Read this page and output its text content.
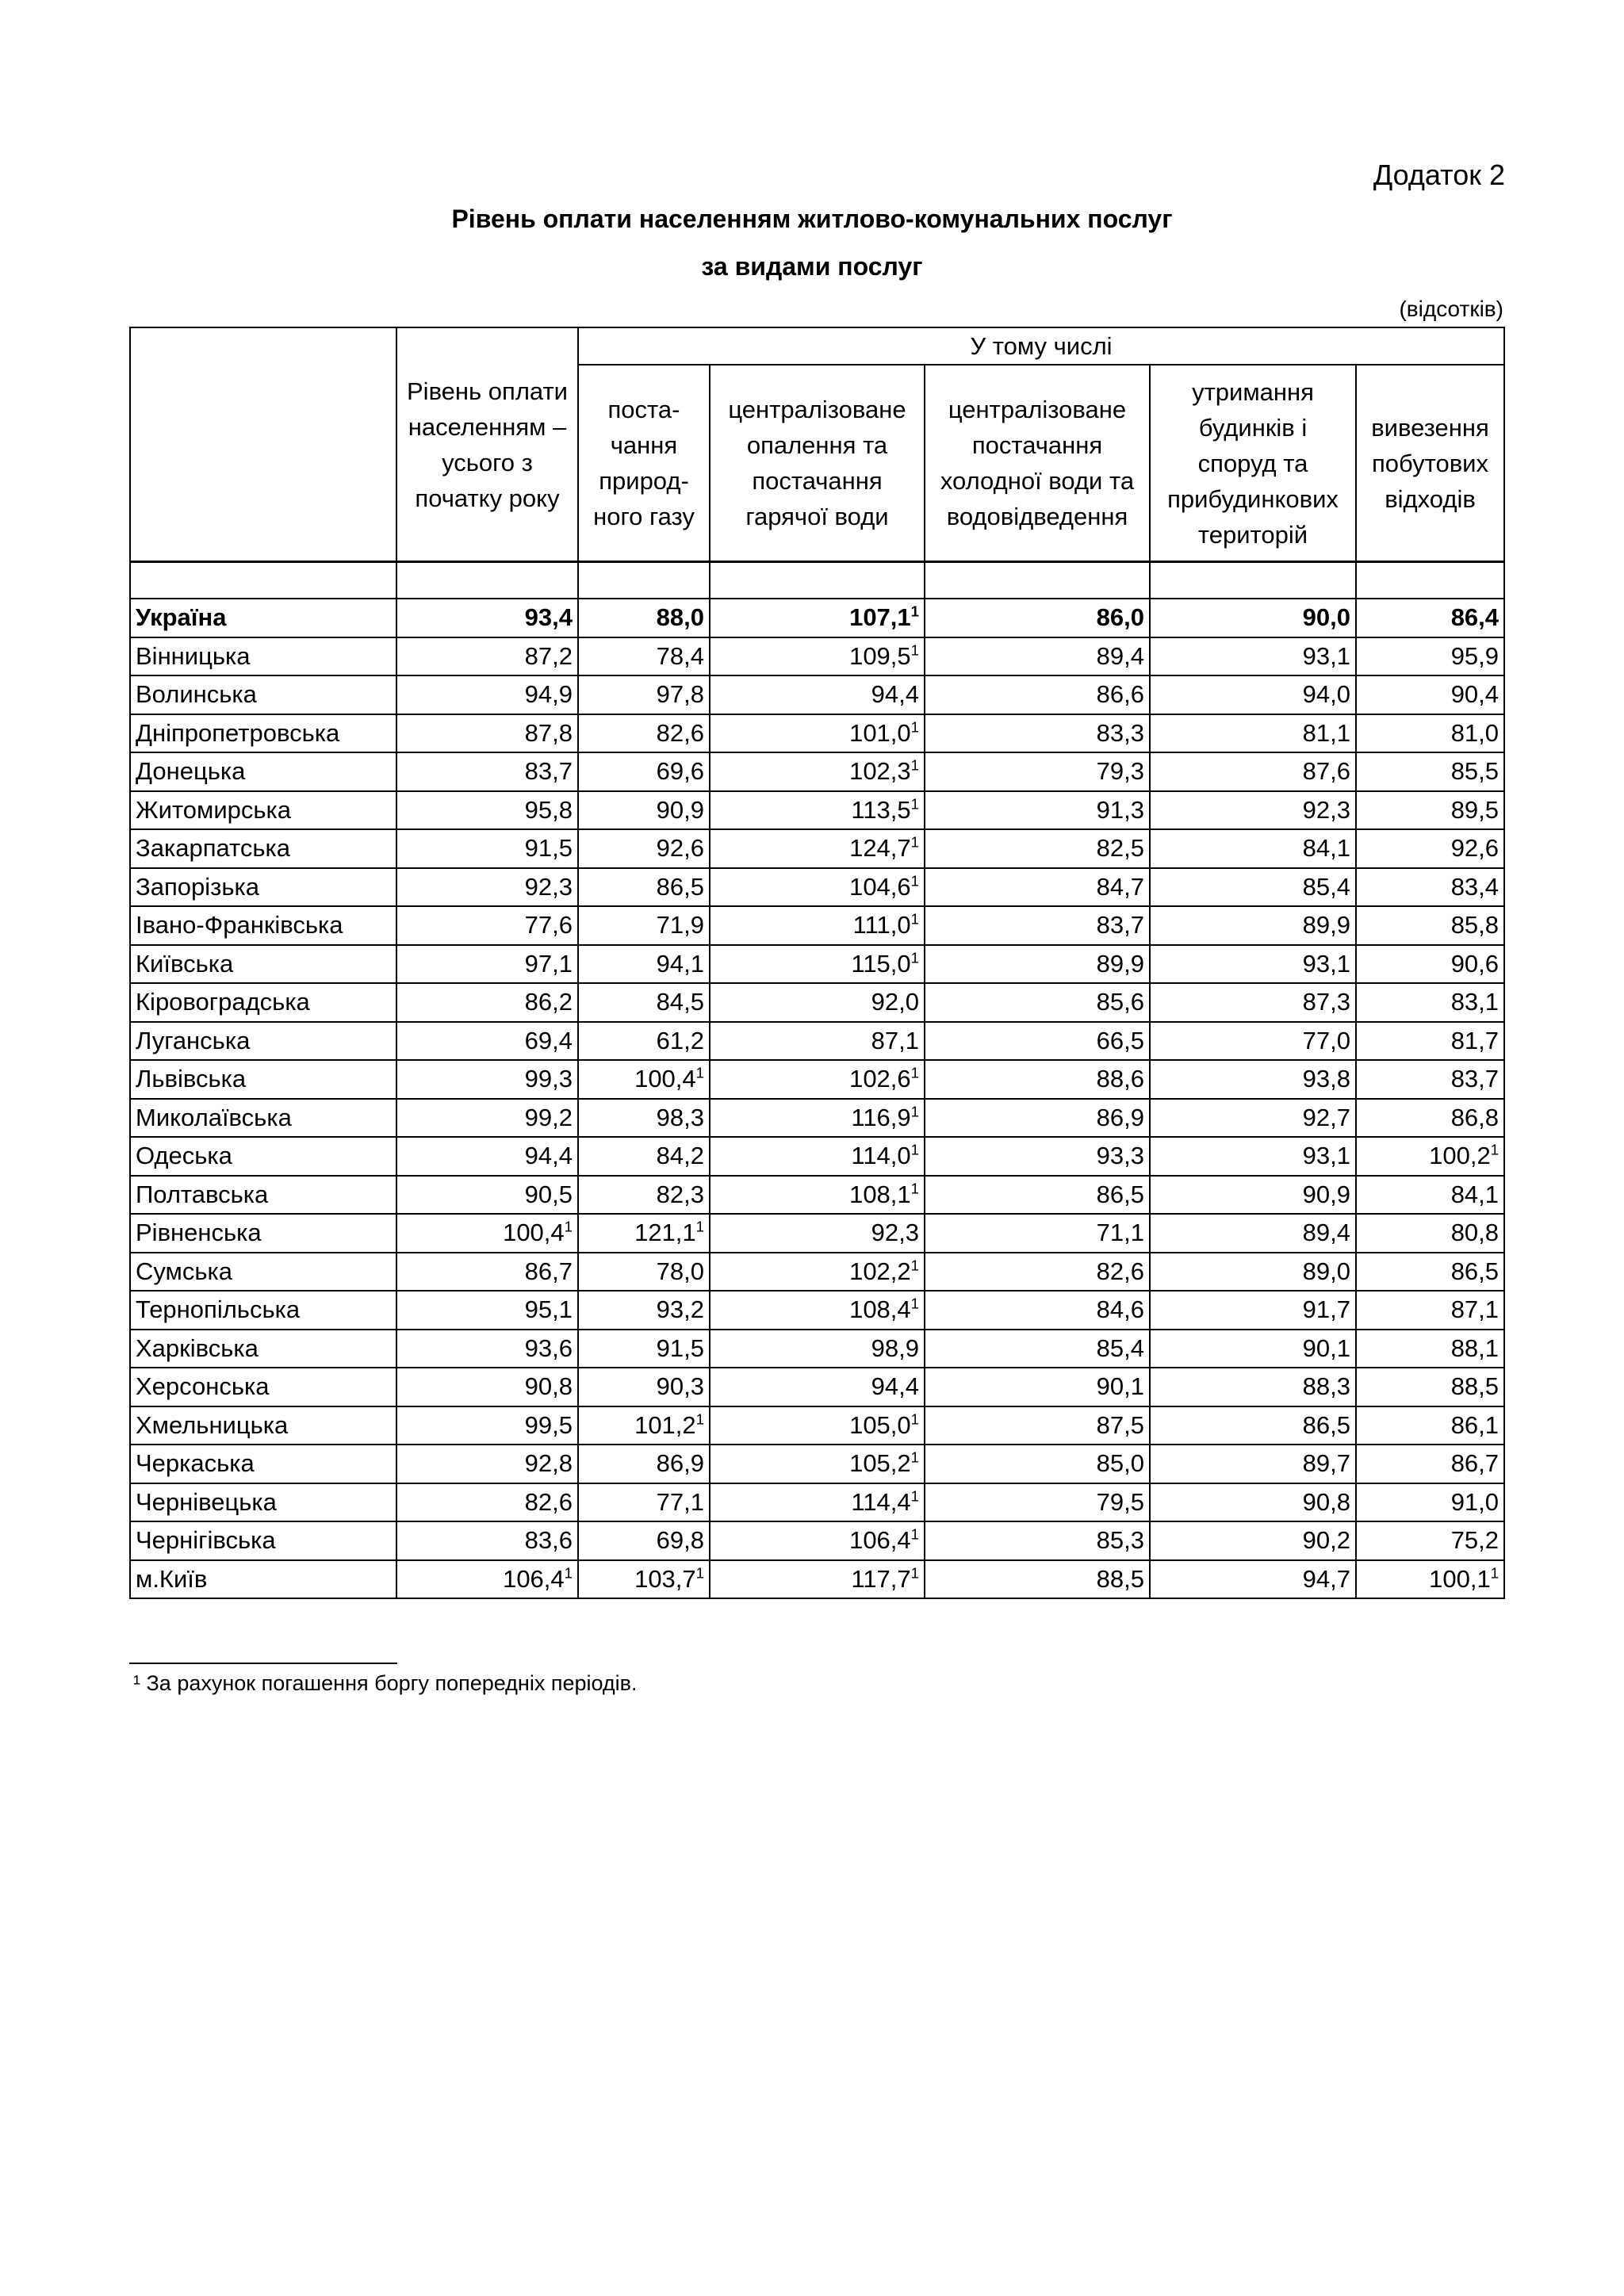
Додаток 2
Рівень оплати населенням житлово-комунальних послуг
за видами послуг
(відсотків)
	Рівень оплати населенням – усього з початку року	У тому числі				
		поста-чання природ-ного газу	централізоване опалення та постачання гарячої води	централізоване постачання холодної води та водовідведення	утримання будинків і споруд та прибудинкових територій	вивезення побутових відходів

Україна	93,4	88,0	107,1$^1$	86,0	90,0	86,4
Вінницька	87,2	78,4	109,5$^1$	89,4	93,1	95,9
Волинська	94,9	97,8	94,4	86,6	94,0	90,4
Дніпропетровська	87,8	82,6	101,0$^1$	83,3	81,1	81,0
Донецька	83,7	69,6	102,3$^1$	79,3	87,6	85,5
Житомирська	95,8	90,9	113,5$^1$	91,3	92,3	89,5
Закарпатська	91,5	92,6	124,7$^1$	82,5	84,1	92,6
Запорізька	92,3	86,5	104,6$^1$	84,7	85,4	83,4
Івано-Франківська	77,6	71,9	111,0$^1$	83,7	89,9	85,8
Київська	97,1	94,1	115,0$^1$	89,9	93,1	90,6
Кіровоградська	86,2	84,5	92,0	85,6	87,3	83,1
Луганська	69,4	61,2	87,1	66,5	77,0	81,7
Львівська	99,3	100,4$^1$	102,6$^1$	88,6	93,8	83,7
Миколаївська	99,2	98,3	116,9$^1$	86,9	92,7	86,8
Одеська	94,4	84,2	114,0$^1$	93,3	93,1	100,2$^1$
Полтавська	90,5	82,3	108,1$^1$	86,5	90,9	84,1
Рівненська	100,4$^1$	121,1$^1$	92,3	71,1	89,4	80,8
Сумська	86,7	78,0	102,2$^1$	82,6	89,0	86,5
Тернопільська	95,1	93,2	108,4$^1$	84,6	91,7	87,1
Харківська	93,6	91,5	98,9	85,4	90,1	88,1
Херсонська	90,8	90,3	94,4	90,1	88,3	88,5
Хмельницька	99,5	101,2$^1$	105,0$^1$	87,5	86,5	86,1
Черкаська	92,8	86,9	105,2$^1$	85,0	89,7	86,7
Чернівецька	82,6	77,1	114,4$^1$	79,5	90,8	91,0
Чернігівська	83,6	69,8	106,4$^1$	85,3	90,2	75,2
м.Київ	106,4$^1$	103,7$^1$	117,7$^1$	88,5	94,7	100,1$^1$
¹ За рахунок погашення боргу попередніх періодів.
